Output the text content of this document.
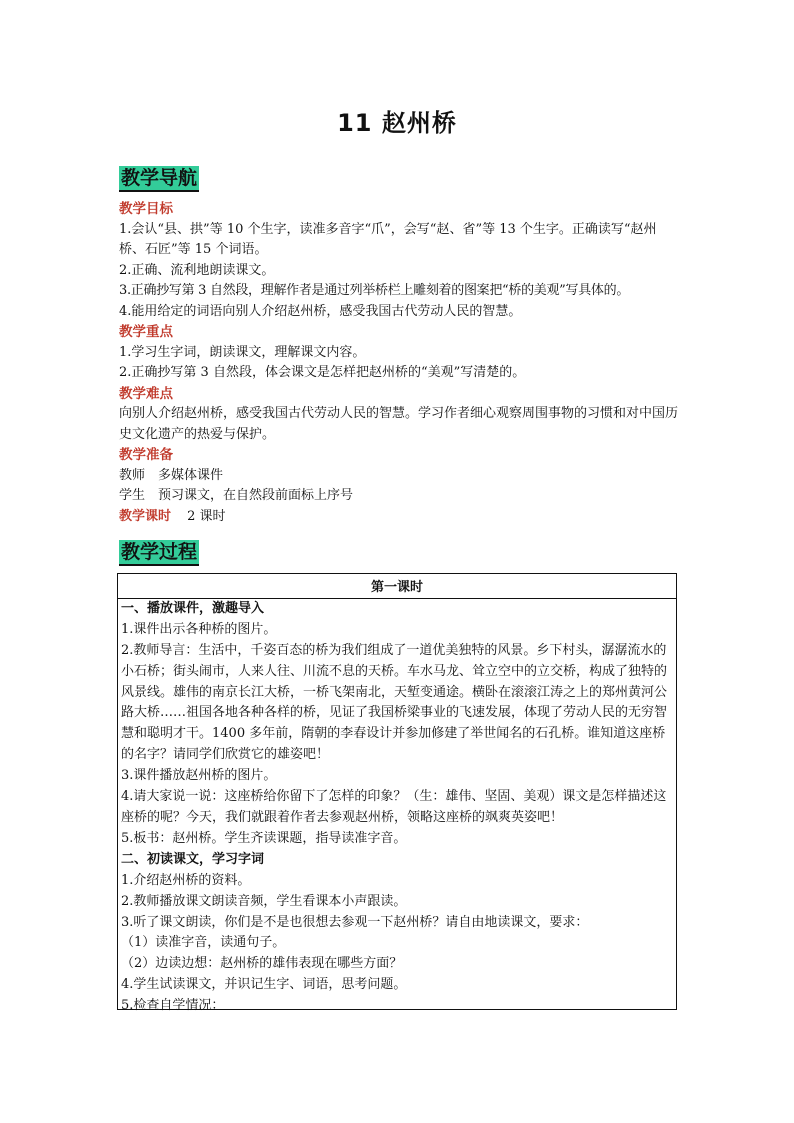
11 赵州桥
教学导航
教学目标
1.会认“县、拱”等 10 个生字，读准多音字“爪”，会写“赵、省”等 13 个生字。正确读写“赵州桥、石匠”等 15 个词语。
2.正确、流利地朗读课文。
3.正确抄写第 3 自然段，理解作者是通过列举桥栏上雕刻着的图案把“桥的美观”写具体的。
4.能用给定的词语向别人介绍赵州桥，感受我国古代劳动人民的智慧。
教学重点
1.学习生字词，朗读课文，理解课文内容。
2.正确抄写第 3 自然段，体会课文是怎样把赵州桥的“美观”写清楚的。
教学难点
向别人介绍赵州桥，感受我国古代劳动人民的智慧。学习作者细心观察周围事物的习惯和对中国历史文化遗产的热爱与保护。
教学准备
教师　多媒体课件
学生　预习课文，在自然段前面标上序号
教学课时 2 课时
教学过程
第一课时
一、播放课件，激趣导入
1.课件出示各种桥的图片。
2.教师导言：生活中，千姿百态的桥为我们组成了一道优美独特的风景。乡下村头，潺潺流水的小石桥；街头闹市，人来人往、川流不息的天桥。车水马龙、耸立空中的立交桥，构成了独特的风景线。雄伟的南京长江大桥，一桥飞架南北，天堑变通途。横卧在滚滚江涛之上的郑州黄河公路大桥……祖国各地各种各样的桥，见证了我国桥梁事业的飞速发展，体现了劳动人民的无穷智慧和聪明才干。1400 多年前，隋朝的李春设计并参加修建了举世闻名的石孔桥。谁知道这座桥的名字？请同学们欣赏它的雄姿吧！
3.课件播放赵州桥的图片。
4.请大家说一说：这座桥给你留下了怎样的印象？（生：雄伟、坚固、美观）课文是怎样描述这座桥的呢？今天，我们就跟着作者去参观赵州桥，领略这座桥的飒爽英姿吧！
5.板书：赵州桥。学生齐读课题，指导读准字音。
二、初读课文，学习字词
1.介绍赵州桥的资料。
2.教师播放课文朗读音频，学生看课本小声跟读。
3.听了课文朗读，你们是不是也很想去参观一下赵州桥？请自由地读课文，要求：
（1）读准字音，读通句子。
（2）边读边想：赵州桥的雄伟表现在哪些方面？
4.学生试读课文，并识记生字、词语，思考问题。
5.检查自学情况：
